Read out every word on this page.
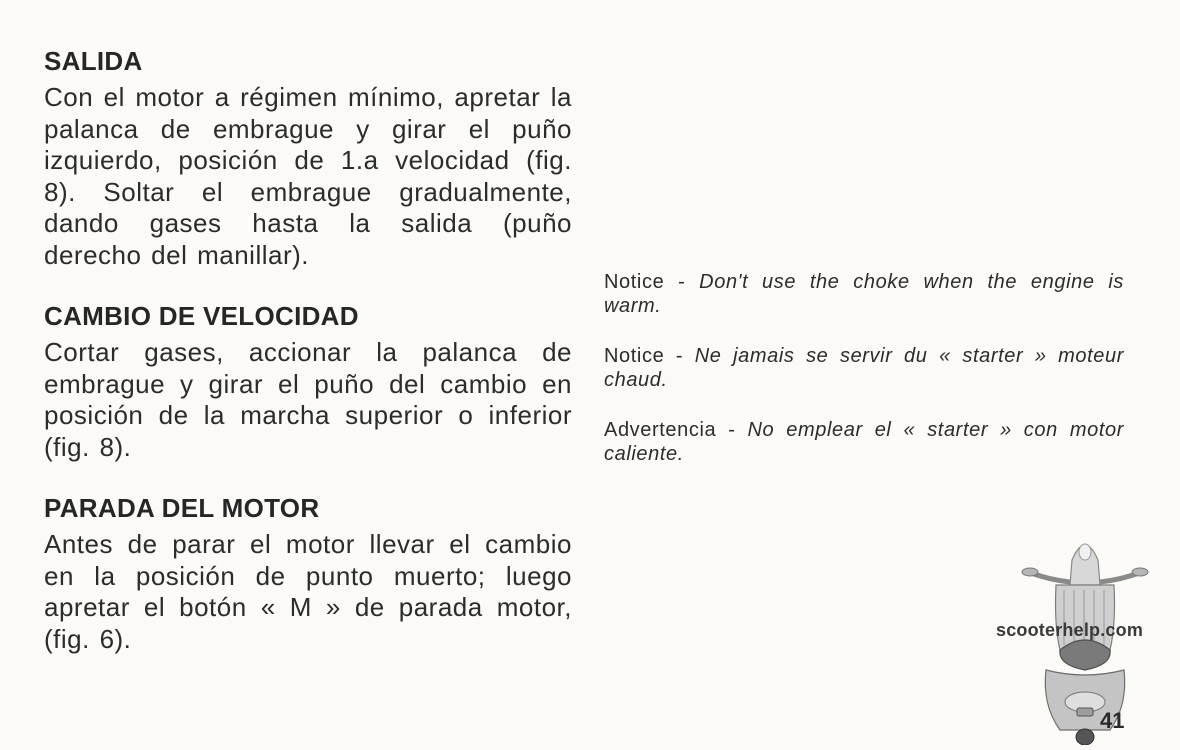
SALIDA

Con el motor a régimen mínimo, apretar la palanca de embrague y girar el puño izquierdo, posición de 1.a velocidad (fig. 8). Soltar el embrague gradualmente, dando gases hasta la salida (puño derecho del manillar).

CAMBIO DE VELOCIDAD

Cortar gases, accionar la palanca de embrague y girar el puño del cambio en posición de la marcha superior o inferior (fig. 8).

PARADA DEL MOTOR

Antes de parar el motor llevar el cambio en la posición de punto muerto; luego apretar el botón « M » de parada motor, (fig. 6).

Notice - Don't use the choke when the engine is warm.

Notice - Ne jamais se servir du « starter » moteur chaud.

Advertencia - No emplear el « starter » con motor caliente.

scooterhelp.com
41
